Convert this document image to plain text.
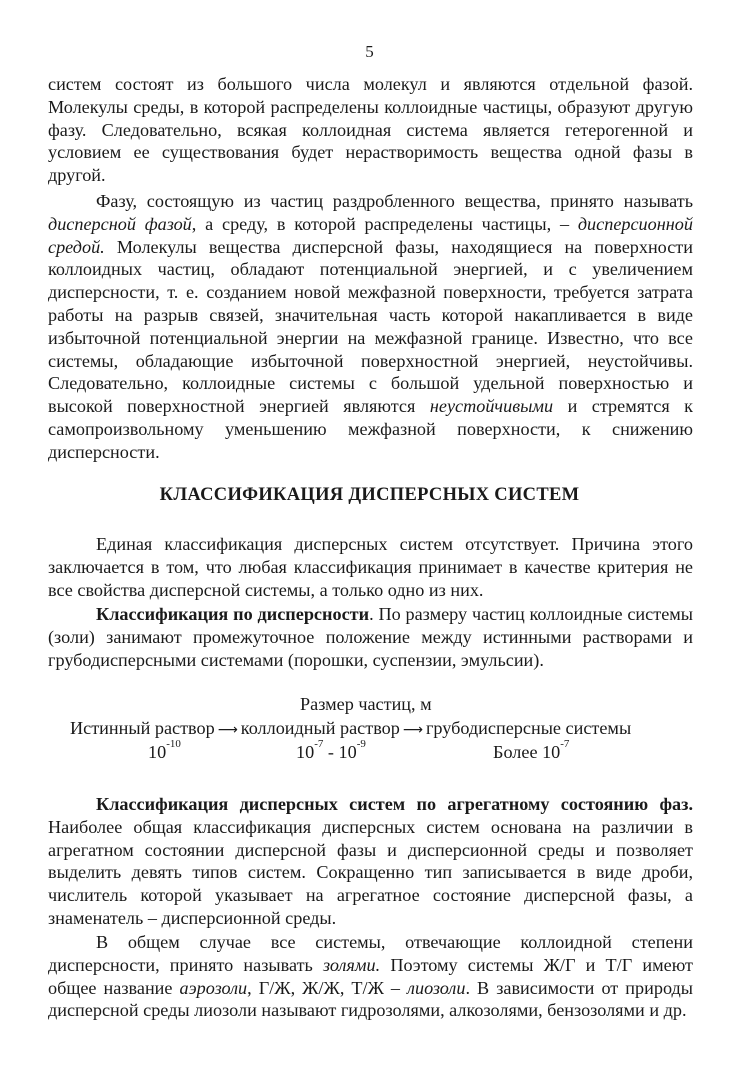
5

систем состоят из большого числа молекул и являются отдельной фазой. Молекулы среды, в которой распределены коллоидные частицы, образуют другую фазу. Следовательно, всякая коллоидная система является гетерогенной и условием ее существования будет нерастворимость вещества одной фазы в другой.

Фазу, состоящую из частиц раздробленного вещества, принято называть дисперсной фазой, а среду, в которой распределены частицы, – дисперсионной средой. Молекулы вещества дисперсной фазы, находящиеся на поверхности коллоидных частиц, обладают потенциальной энергией, и с увеличением дисперсности, т. е. созданием новой межфазной поверхности, требуется затрата работы на разрыв связей, значительная часть которой накапливается в виде избыточной потенциальной энергии на межфазной границе. Известно, что все системы, обладающие избыточной поверхностной энергией, неустойчивы. Следовательно, коллоидные системы с большой удельной поверхностью и высокой поверхностной энергией являются неустойчивыми и стремятся к самопроизвольному уменьшению межфазной поверхности, к снижению дисперсности.

КЛАССИФИКАЦИЯ ДИСПЕРСНЫХ СИСТЕМ

Единая классификация дисперсных систем отсутствует. Причина этого заключается в том, что любая классификация принимает в качестве критерия не все свойства дисперсной системы, а только одно из них.

Классификация по дисперсности. По размеру частиц коллоидные системы (золи) занимают промежуточное положение между истинными растворами и грубодисперсными системами (порошки, суспензии, эмульсии).

Размер частиц, м
Истинный раствор ⟶ коллоидный раствор ⟶ грубодисперсные системы
$10^{-10}$	$10^{-7} - 10^{-9}$	Более $10^{-7}$

Классификация дисперсных систем по агрегатному состоянию фаз. Наиболее общая классификация дисперсных систем основана на различии в агрегатном состоянии дисперсной фазы и дисперсионной среды и позволяет выделить девять типов систем. Сокращенно тип записывается в виде дроби, числитель которой указывает на агрегатное состояние дисперсной фазы, а знаменатель – дисперсионной среды.

В общем случае все системы, отвечающие коллоидной степени дисперсности, принято называть золями. Поэтому системы Ж/Г и Т/Г имеют общее название аэрозоли, Г/Ж, Ж/Ж, Т/Ж – лиозоли. В зависимости от природы дисперсной среды лиозоли называют гидрозолями, алкозолями, бензозолями и др.
